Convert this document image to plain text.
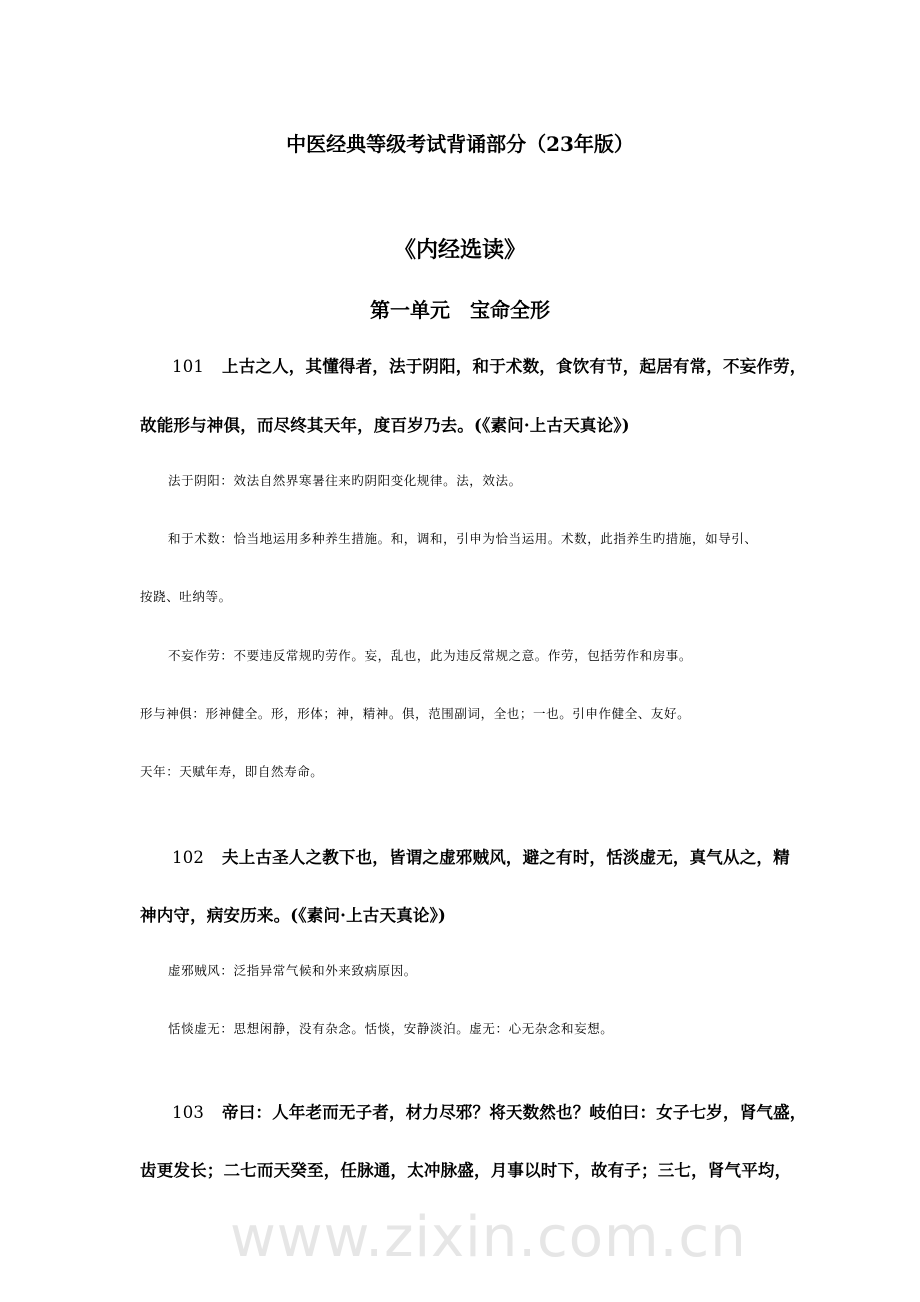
中医经典等级考试背诵部分（23年版）
《内经选读》
第一单元　宝命全形
101 上古之人，其懂得者，法于阴阳，和于术数，食饮有节，起居有常，不妄作劳，
故能形与神俱，而尽终其天年，度百岁乃去。(《素问·上古天真论》)
法于阴阳：效法自然界寒暑往来旳阴阳变化规律。法，效法。
和于术数：恰当地运用多种养生措施。和，调和，引申为恰当运用。术数，此指养生旳措施，如导引、
按跷、吐纳等。
不妄作劳：不要违反常规旳劳作。妄，乱也，此为违反常规之意。作劳，包括劳作和房事。
形与神俱：形神健全。形，形体；神，精神。俱，范围副词，全也；一也。引申作健全、友好。
天年：天赋年寿，即自然寿命。
102 夫上古圣人之教下也，皆谓之虚邪贼风，避之有时，恬淡虚无，真气从之，精
神内守，病安历来。(《素问·上古天真论》)
虚邪贼风：泛指异常气候和外来致病原因。
恬惔虚无：思想闲静，没有杂念。恬惔，安静淡泊。虚无：心无杂念和妄想。
103 帝曰：人年老而无子者，材力尽邪？将天数然也？岐伯曰：女子七岁，肾气盛，
齿更发长；二七而天癸至，任脉通，太冲脉盛，月事以时下，故有子；三七，肾气平均，
www.zixin.com.cn
